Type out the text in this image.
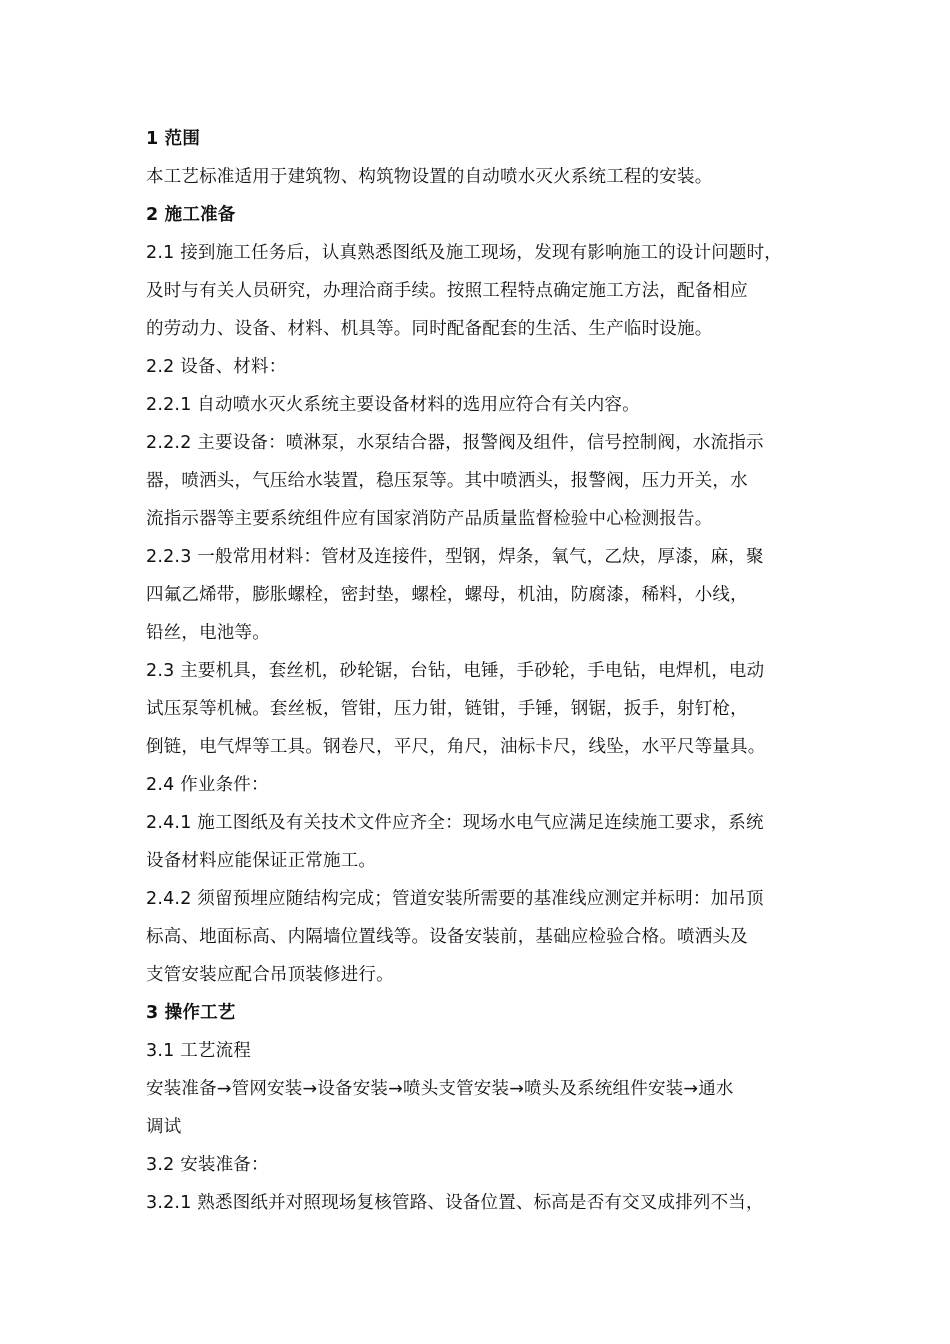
1 范围
本工艺标准适用于建筑物、构筑物设置的自动喷水灭火系统工程的安装。
2 施工准备
2.1 接到施工任务后，认真熟悉图纸及施工现场，发现有影响施工的设计问题时，
及时与有关人员研究，办理洽商手续。按照工程特点确定施工方法，配备相应
的劳动力、设备、材料、机具等。同时配备配套的生活、生产临时设施。
2.2 设备、材料：
2.2.1 自动喷水灭火系统主要设备材料的选用应符合有关内容。
2.2.2 主要设备：喷淋泵，水泵结合器，报警阀及组件，信号控制阀，水流指示
器，喷洒头，气压给水装置，稳压泵等。其中喷洒头，报警阀，压力开关，水
流指示器等主要系统组件应有国家消防产品质量监督检验中心检测报告。
2.2.3 一般常用材料：管材及连接件，型钢，焊条，氧气，乙炔，厚漆，麻，聚
四氟乙烯带，膨胀螺栓，密封垫，螺栓，螺母，机油，防腐漆，稀料，小线，
铅丝，电池等。
2.3 主要机具，套丝机，砂轮锯，台钻，电锤，手砂轮，手电钻，电焊机，电动
试压泵等机械。套丝板，管钳，压力钳，链钳，手锤，钢锯，扳手，射钉枪，
倒链，电气焊等工具。钢卷尺，平尺，角尺，油标卡尺，线坠，水平尺等量具。
2.4 作业条件：
2.4.1 施工图纸及有关技术文件应齐全：现场水电气应满足连续施工要求，系统
设备材料应能保证正常施工。
2.4.2 须留预埋应随结构完成；管道安装所需要的基准线应测定并标明：加吊顶
标高、地面标高、内隔墙位置线等。设备安装前，基础应检验合格。喷洒头及
支管安装应配合吊顶装修进行。
3 操作工艺
3.1 工艺流程
安装准备→管网安装→设备安装→喷头支管安装→喷头及系统组件安装→通水
调试
3.2 安装准备：
3.2.1 熟悉图纸并对照现场复核管路、设备位置、标高是否有交叉成排列不当，
